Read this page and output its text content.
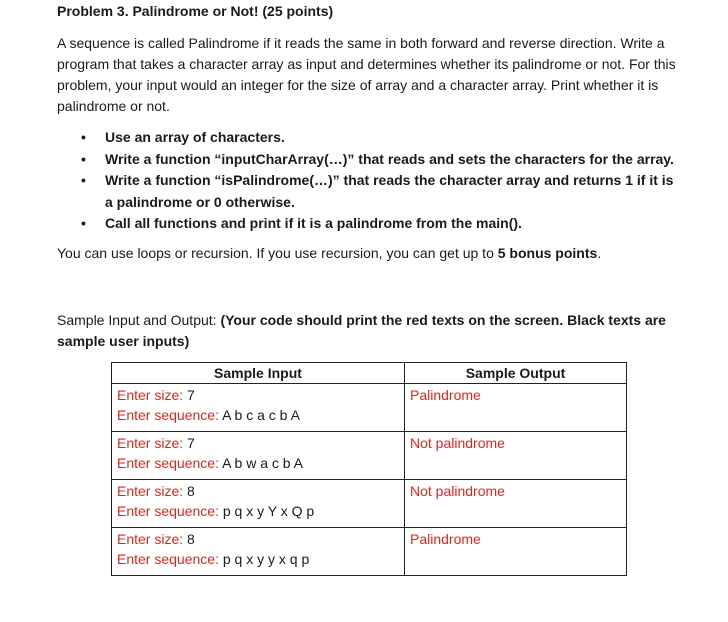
Problem 3. Palindrome or Not! (25 points)
A sequence is called Palindrome if it reads the same in both forward and reverse direction. Write a program that takes a character array as input and determines whether its palindrome or not. For this problem, your input would an integer for the size of array and a character array. Print whether it is palindrome or not.
• Use an array of characters.
• Write a function “inputCharArray(…)” that reads and sets the characters for the array.
• Write a function “isPalindrome(…)” that reads the character array and returns 1 if it is a palindrome or 0 otherwise.
• Call all functions and print if it is a palindrome from the main().
You can use loops or recursion. If you use recursion, you can get up to 5 bonus points.
Sample Input and Output: (Your code should print the red texts on the screen. Black texts are sample user inputs)
Sample Input	Sample Output

Enter size: 7
Enter sequence: A b c a c b A	Palindrome

Enter size: 7
Enter sequence: A b w a c b A	Not palindrome

Enter size: 8
Enter sequence: p q x y Y x Q p	Not palindrome

Enter size: 8
Enter sequence: p q x y y x q p	Palindrome
